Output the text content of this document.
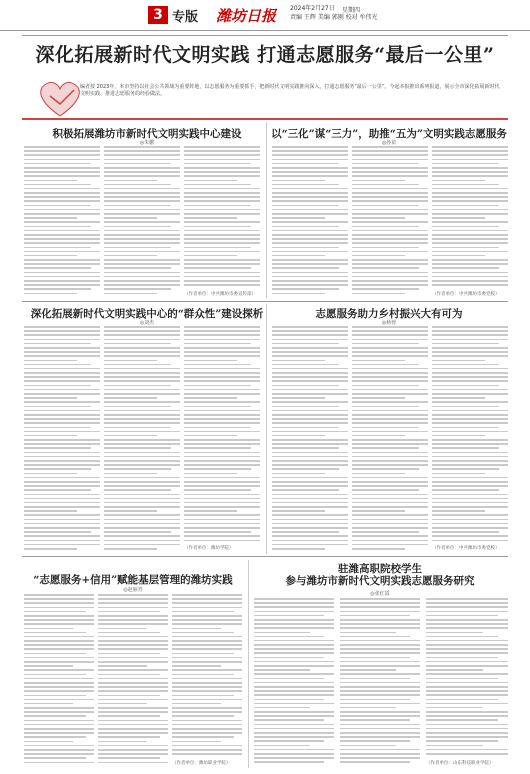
3 专版 潍坊日报 2024年2月27日 星期四
责编 王辉 美编 郭刚 校对 牟伟光
深化拓展新时代文明实践 打通志愿服务“最后一公里”
编者按 2023年，本市坚持以社会公共领域为重要阵地，以志愿服务为重要抓手，把新时代文明实践推向深入，打通志愿服务“最后一公里”。今起本报推出系列报道，展示全市深化拓展新时代文明实践、推进志愿服务的经验做法。
积极拓展潍坊市新时代文明实践中心建设
◎朱鹏
（作者单位：中共潍坊市委宣传部）
以“三化”谋“三力”，助推“五为”文明实践志愿服务
◎孙苗
（作者单位：中共潍坊市委党校）
深化拓展新时代文明实践中心的“群众性”建设探析
◎刘杰
（作者单位：潍坊学院）
志愿服务助力乡村振兴大有可为
◎杨蓉
（作者单位：中共潍坊市委党校）
“志愿服务+信用”赋能基层管理的潍坊实践
◎赵丽青
（作者单位：潍坊职业学院）
驻潍高职院校学生
参与潍坊市新时代文明实践志愿服务研究
◎张红霞
（作者单位：山东科技职业学院）
